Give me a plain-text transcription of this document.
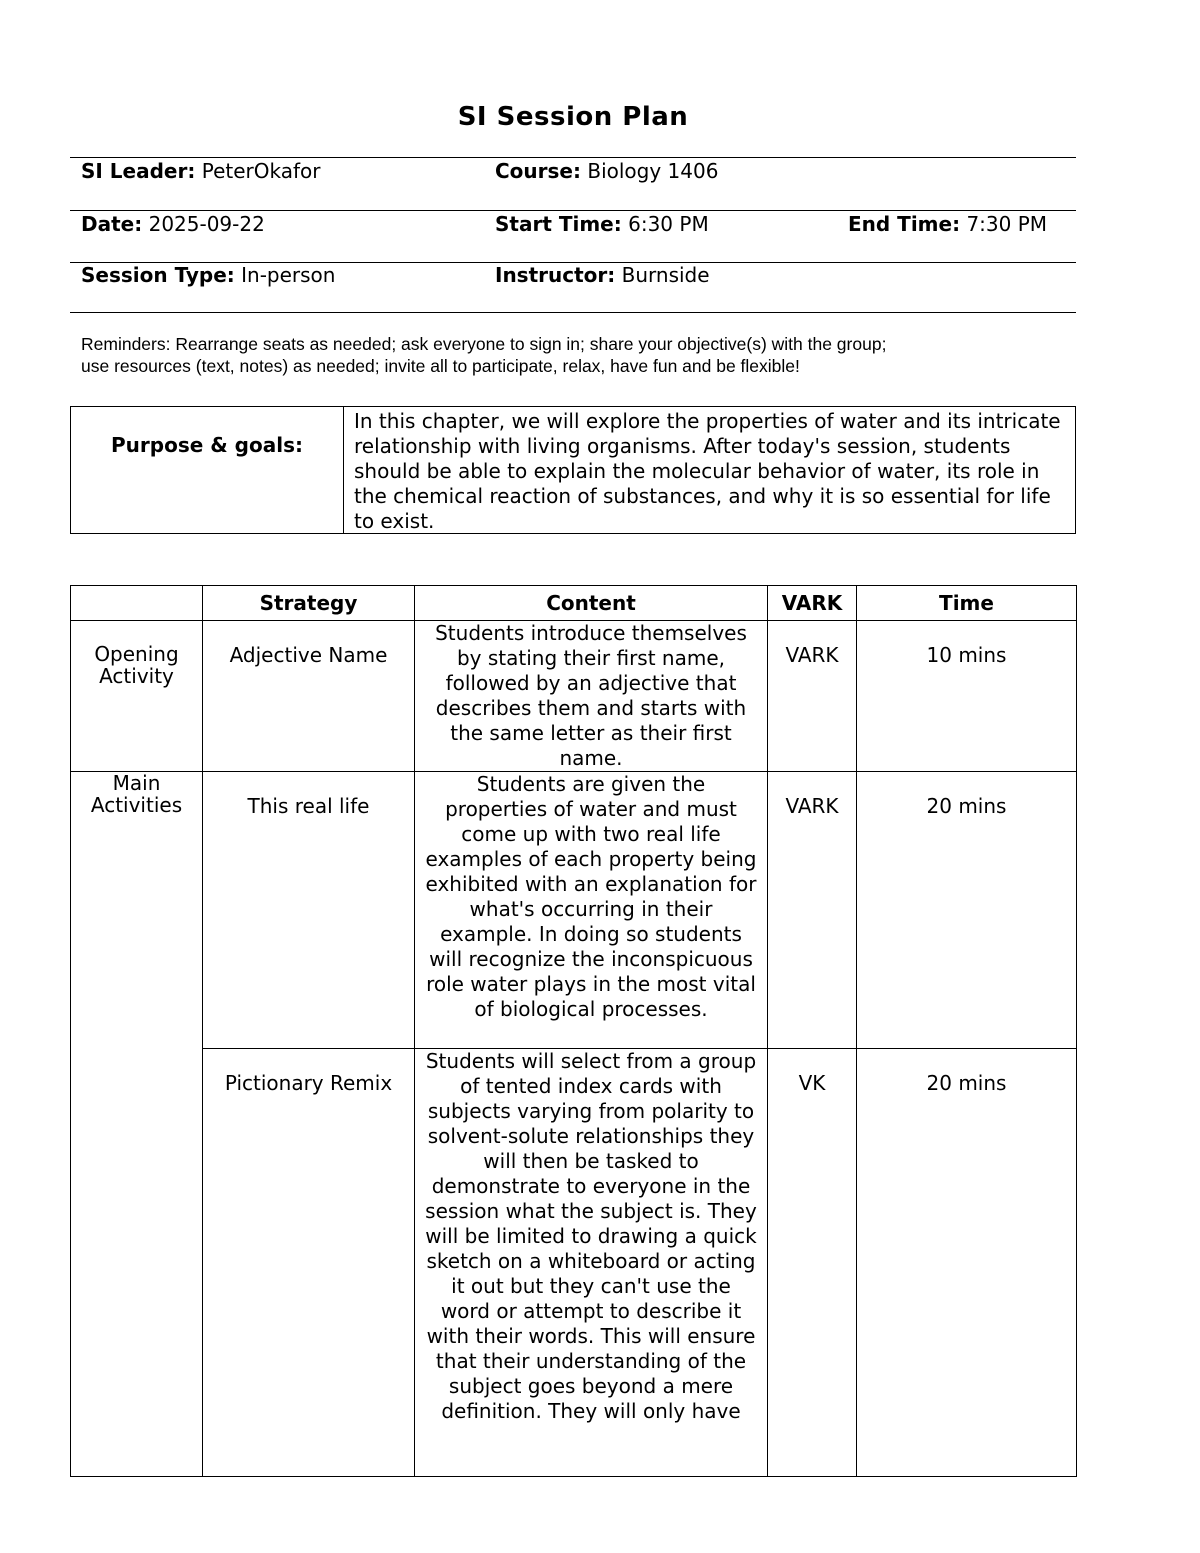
SI Session Plan
SI Leader: PeterOkafor	Course: Biology 1406
Date: 2025-09-22	Start Time: 6:30 PM	End Time: 7:30 PM
Session Type: In-person	Instructor: Burnside
Reminders: Rearrange seats as needed; ask everyone to sign in; share your objective(s) with the group;
use resources (text, notes) as needed; invite all to participate, relax, have fun and be flexible!
Purpose & goals:
In this chapter, we will explore the properties of water and its intricate relationship with living organisms. After today's session, students should be able to explain the molecular behavior of water, its role in the chemical reaction of substances, and why it is so essential for life to exist.
	Strategy	Content	VARK	Time
Opening Activity	Adjective Name	Students introduce themselves by stating their first name, followed by an adjective that describes them and starts with the same letter as their first name.	VARK	10 mins
Main Activities	This real life	Students are given the properties of water and must come up with two real life examples of each property being exhibited with an explanation for what's occurring in their example. In doing so students will recognize the inconspicuous role water plays in the most vital of biological processes.	VARK	20 mins
	Pictionary Remix	Students will select from a group of tented index cards with subjects varying from polarity to solvent-solute relationships they will then be tasked to demonstrate to everyone in the session what the subject is. They will be limited to drawing a quick sketch on a whiteboard or acting it out but they can't use the word or attempt to describe it with their words. This will ensure that their understanding of the subject goes beyond a mere definition. They will only have	VK	20 mins
